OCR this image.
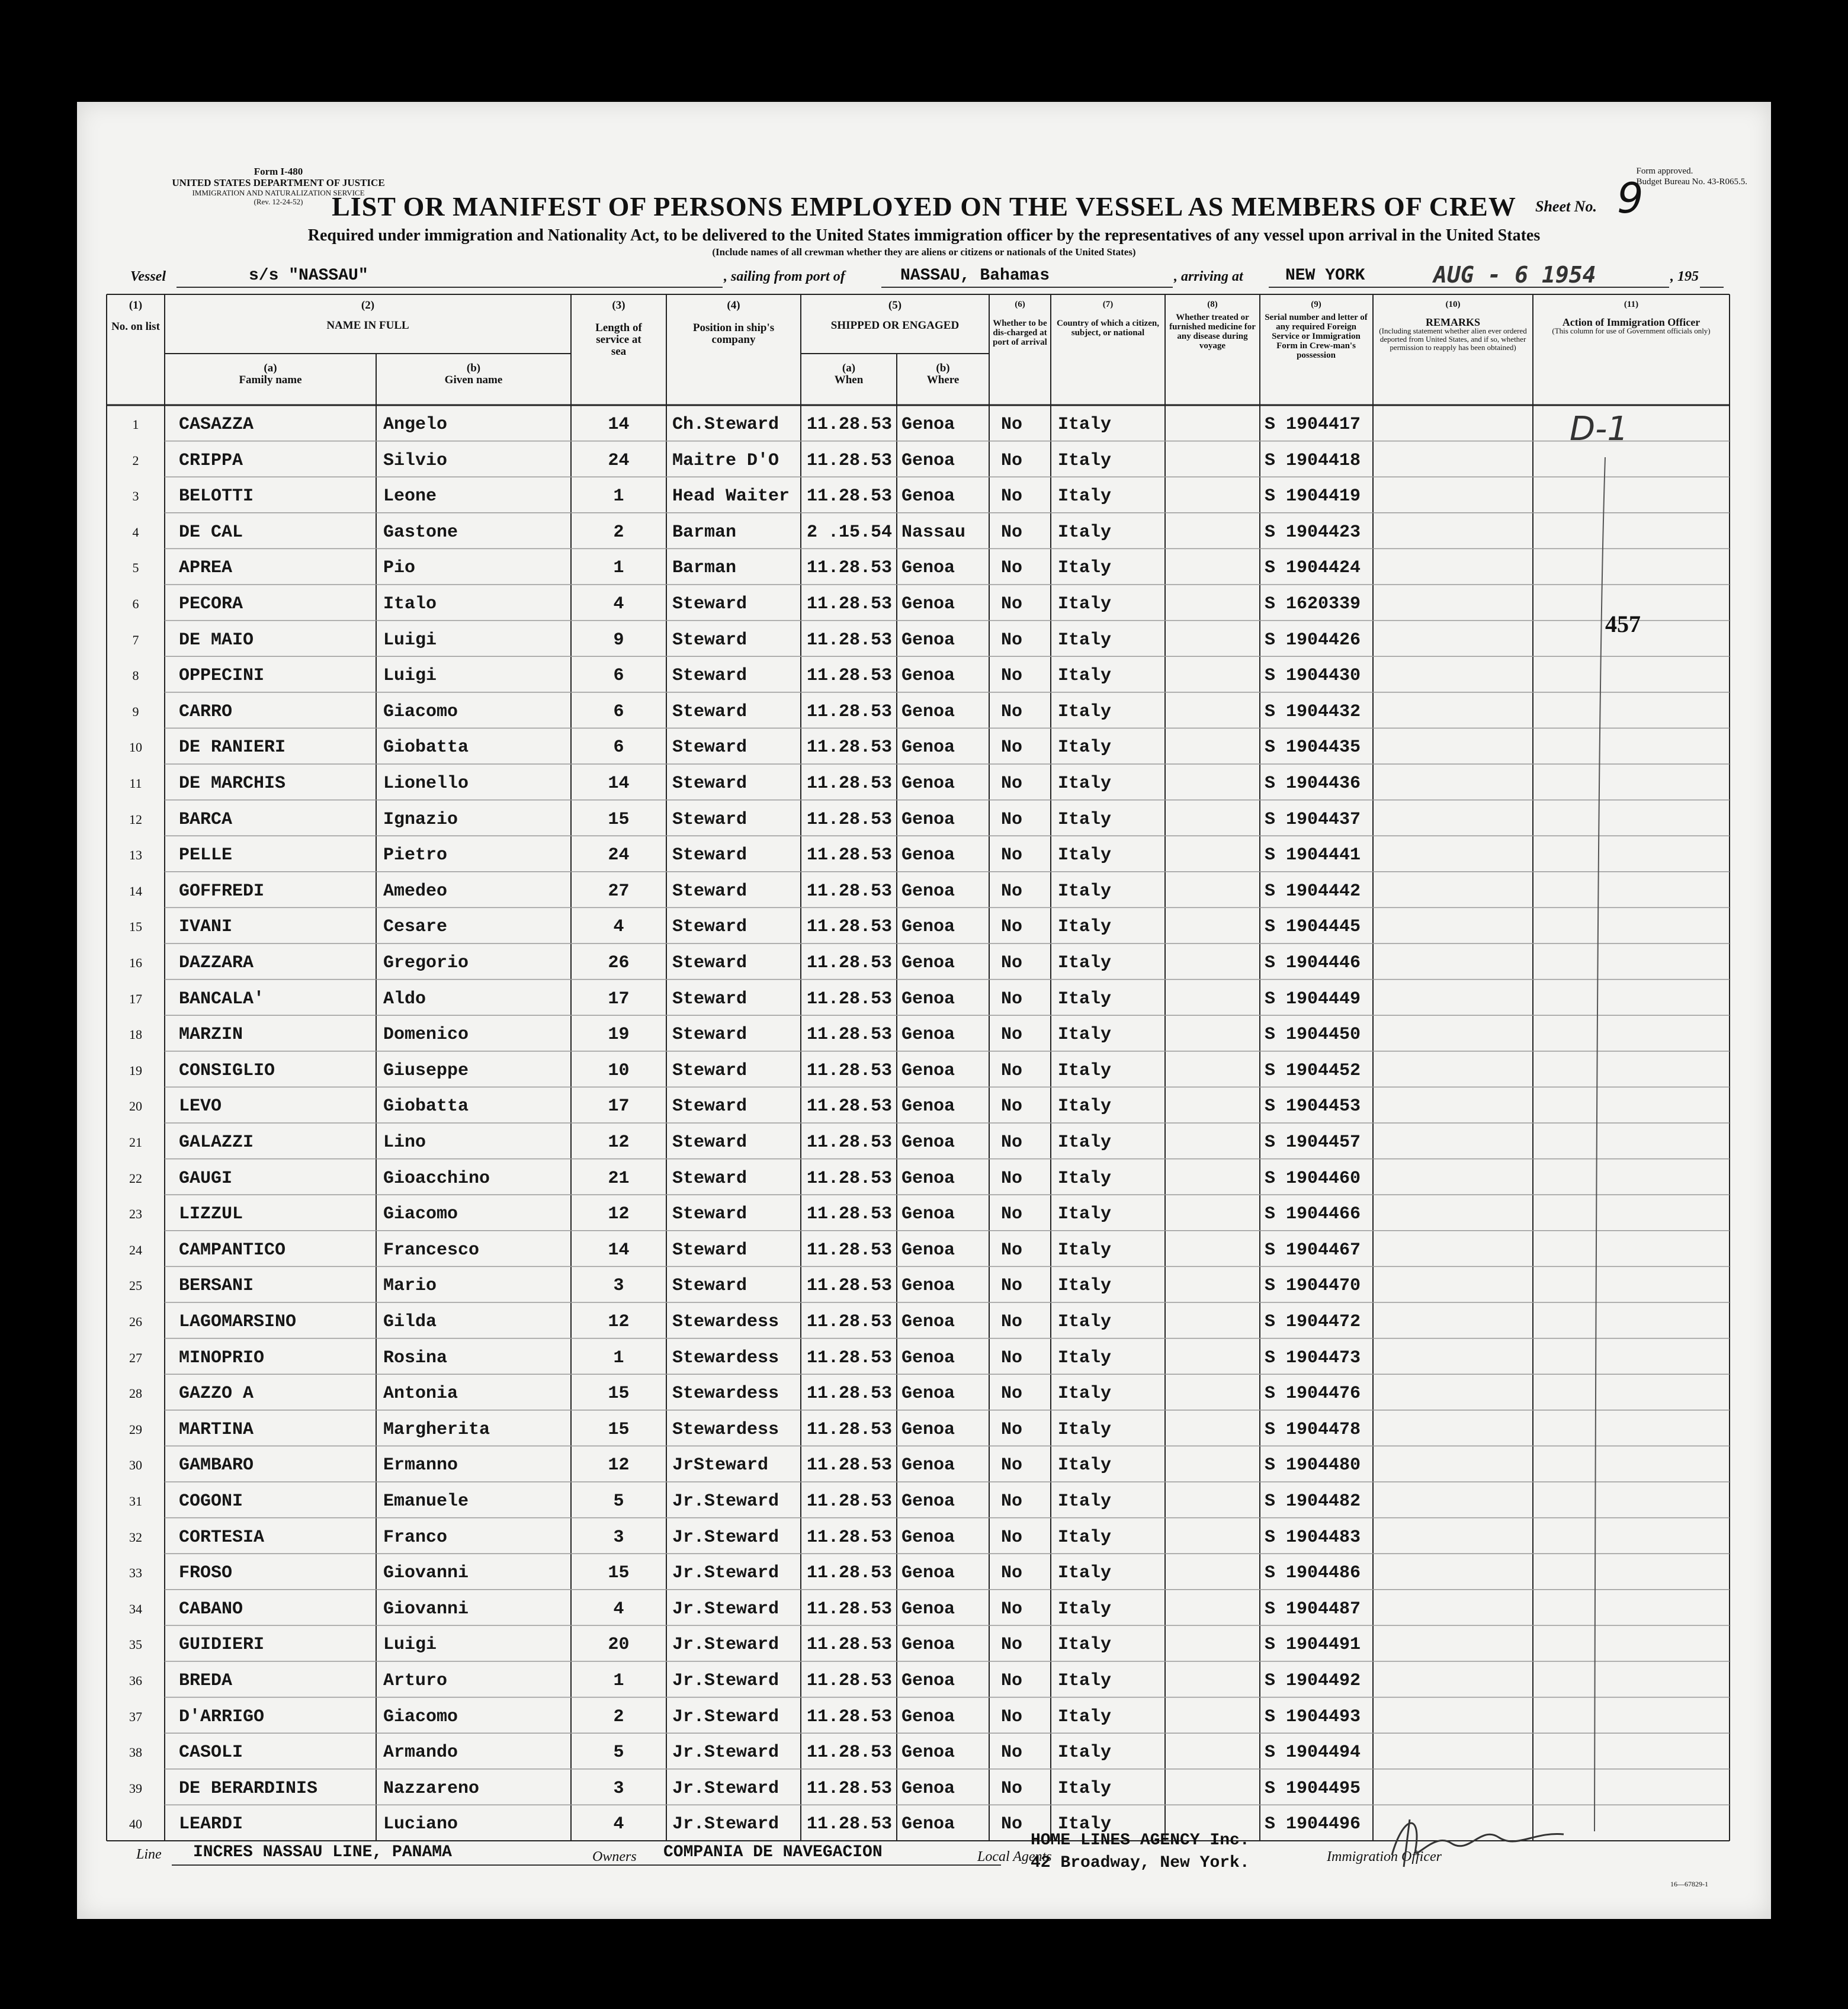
Form I-480
UNITED STATES DEPARTMENT OF JUSTICE
IMMIGRATION AND NATURALIZATION SERVICE
(Rev. 12-24-52)
Form approved.
Budget Bureau No. 43-R065.5.
LIST OR MANIFEST OF PERSONS EMPLOYED ON THE VESSEL AS MEMBERS OF CREW	Sheet No. 9
Required under immigration and Nationality Act, to be delivered to the United States immigration officer by the representatives of any vessel upon arrival in the United States
(Include names of all crewman whether they are aliens or citizens or nationals of the United States)
Vessel	s/s "NASSAU"	, sailing from port of	NASSAU, Bahamas	, arriving at	NEW YORK	AUG - 6 1954	, 195
(1)
No. on list
(2)
NAME IN FULL
(a)
Family name
(b)
Given name
(3)
Length of service at sea
(4)
Position in ship's company
(5)
SHIPPED OR ENGAGED
(a)
When
(b)
Where
(6)
Whether to be dis-charged at port of arrival
(7)
Country of which a citizen, subject, or national
(8)
Whether treated or furnished medicine for any disease during voyage
(9)
Serial number and letter of any required Foreign Service or Immigration Form in Crew-man's possession
(10)
REMARKS
(Including statement whether alien ever ordered deported from United States, and if so, whether permission to reapply has been obtained)
(11)
Action of Immigration Officer
(This column for use of Government officials only)
1	CASAZZA	Angelo	14	Ch.Steward 11.28.53 Genoa	No Italy	S 1904417
2	CRIPPA	Silvio	24	Maitre D'O 11.28.53 Genoa	No Italy	S 1904418
3	BELOTTI	Leone	1	Head Waiter 11.28.53 Genoa	No Italy	S 1904419
4	DE CAL	Gastone	2	Barman	2 .15.54 Nassau No Italy	S 1904423
5	APREA	Pio	1	Barman	11.28.53 Genoa	No Italy	S 1904424
6	PECORA	Italo	4	Steward	11.28.53 Genoa	No Italy	S 1620339
7	DE MAIO	Luigi	9	Steward	11.28.53 Genoa	No Italy	S 1904426
8	OPPECINI	Luigi	6	Steward	11.28.53 Genoa	No Italy	S 1904430
9	CARRO	Giacomo	6	Steward	11.28.53 Genoa	No Italy	S 1904432
10	DE RANIERI	Giobatta	6	Steward	11.28.53 Genoa	No Italy	S 1904435
11	DE MARCHIS	Lionello	14	Steward	11.28.53 Genoa	No Italy	S 1904436
12	BARCA	Ignazio	15	Steward	11.28.53 Genoa	No Italy	S 1904437
13	PELLE	Pietro	24	Steward	11.28.53 Genoa	No Italy	S 1904441
14	GOFFREDI	Amedeo	27	Steward	11.28.53 Genoa	No Italy	S 1904442
15	IVANI	Cesare	4	Steward	11.28.53 Genoa	No Italy	S 1904445
16	DAZZARA	Gregorio	26	Steward	11.28.53 Genoa	No Italy	S 1904446
17	BANCALA'	Aldo	17	Steward	11.28.53 Genoa	No Italy	S 1904449
18	MARZIN	Domenico	19	Steward	11.28.53 Genoa	No Italy	S 1904450
19	CONSIGLIO	Giuseppe	10	Steward	11.28.53 Genoa	No Italy	S 1904452
20	LEVO	Giobatta	17	Steward	11.28.53 Genoa	No Italy	S 1904453
21	GALAZZI	Lino	12	Steward	11.28.53 Genoa	No Italy	S 1904457
22	GAUGI	Gioacchino	21	Steward	11.28.53 Genoa	No Italy	S 1904460
23	LIZZUL	Giacomo	12	Steward	11.28.53 Genoa	No Italy	S 1904466
24	CAMPANTICO	Francesco	14	Steward	11.28.53 Genoa	No Italy	S 1904467
25	BERSANI	Mario	3	Steward	11.28.53 Genoa	No Italy	S 1904470
26	LAGOMARSINO	Gilda	12	Stewardess 11.28.53 Genoa	No Italy	S 1904472
27	MINOPRIO	Rosina	1	Stewardess 11.28.53 Genoa	No Italy	S 1904473
28	GAZZO A	Antonia	15	Stewardess 11.28.53 Genoa	No Italy	S 1904476
29	MARTINA	Margherita	15	Stewardess 11.28.53 Genoa	No Italy	S 1904478
30	GAMBARO	Ermanno	12	JrSteward 11.28.53 Genoa	No Italy	S 1904480
31	COGONI	Emanuele	5	Jr.Steward 11.28.53 Genoa	No Italy	S 1904482
32	CORTESIA	Franco	3	Jr.Steward 11.28.53 Genoa	No Italy	S 1904483
33	FROSO	Giovanni	15	Jr.Steward 11.28.53 Genoa	No Italy	S 1904486
34	CABANO	Giovanni	4	Jr.Steward 11.28.53 Genoa	No Italy	S 1904487
35	GUIDIERI	Luigi	20	Jr.Steward 11.28.53 Genoa	No Italy	S 1904491
36	BREDA	Arturo	1	Jr.Steward 11.28.53 Genoa	No Italy	S 1904492
37	D'ARRIGO	Giacomo	2	Jr.Steward 11.28.53 Genoa	No Italy	S 1904493
38	CASOLI	Armando	5	Jr.Steward 11.28.53 Genoa	No Italy	S 1904494
39	DE BERARDINIS	Nazzareno	3	Jr.Steward 11.28.53 Genoa	No Italy	S 1904495
40	LEARDI	Luciano	4	Jr.Steward 11.28.53 Genoa	No Italy	S 1904496
D-1
457
Line INCRES NASSAU LINE, PANAMA	Owners COMPANIA DE NAVEGACION	Local Agents
HOME LINES AGENCY Inc.
42 Broadway, New York.	Immigration Officer
16—67829-1
